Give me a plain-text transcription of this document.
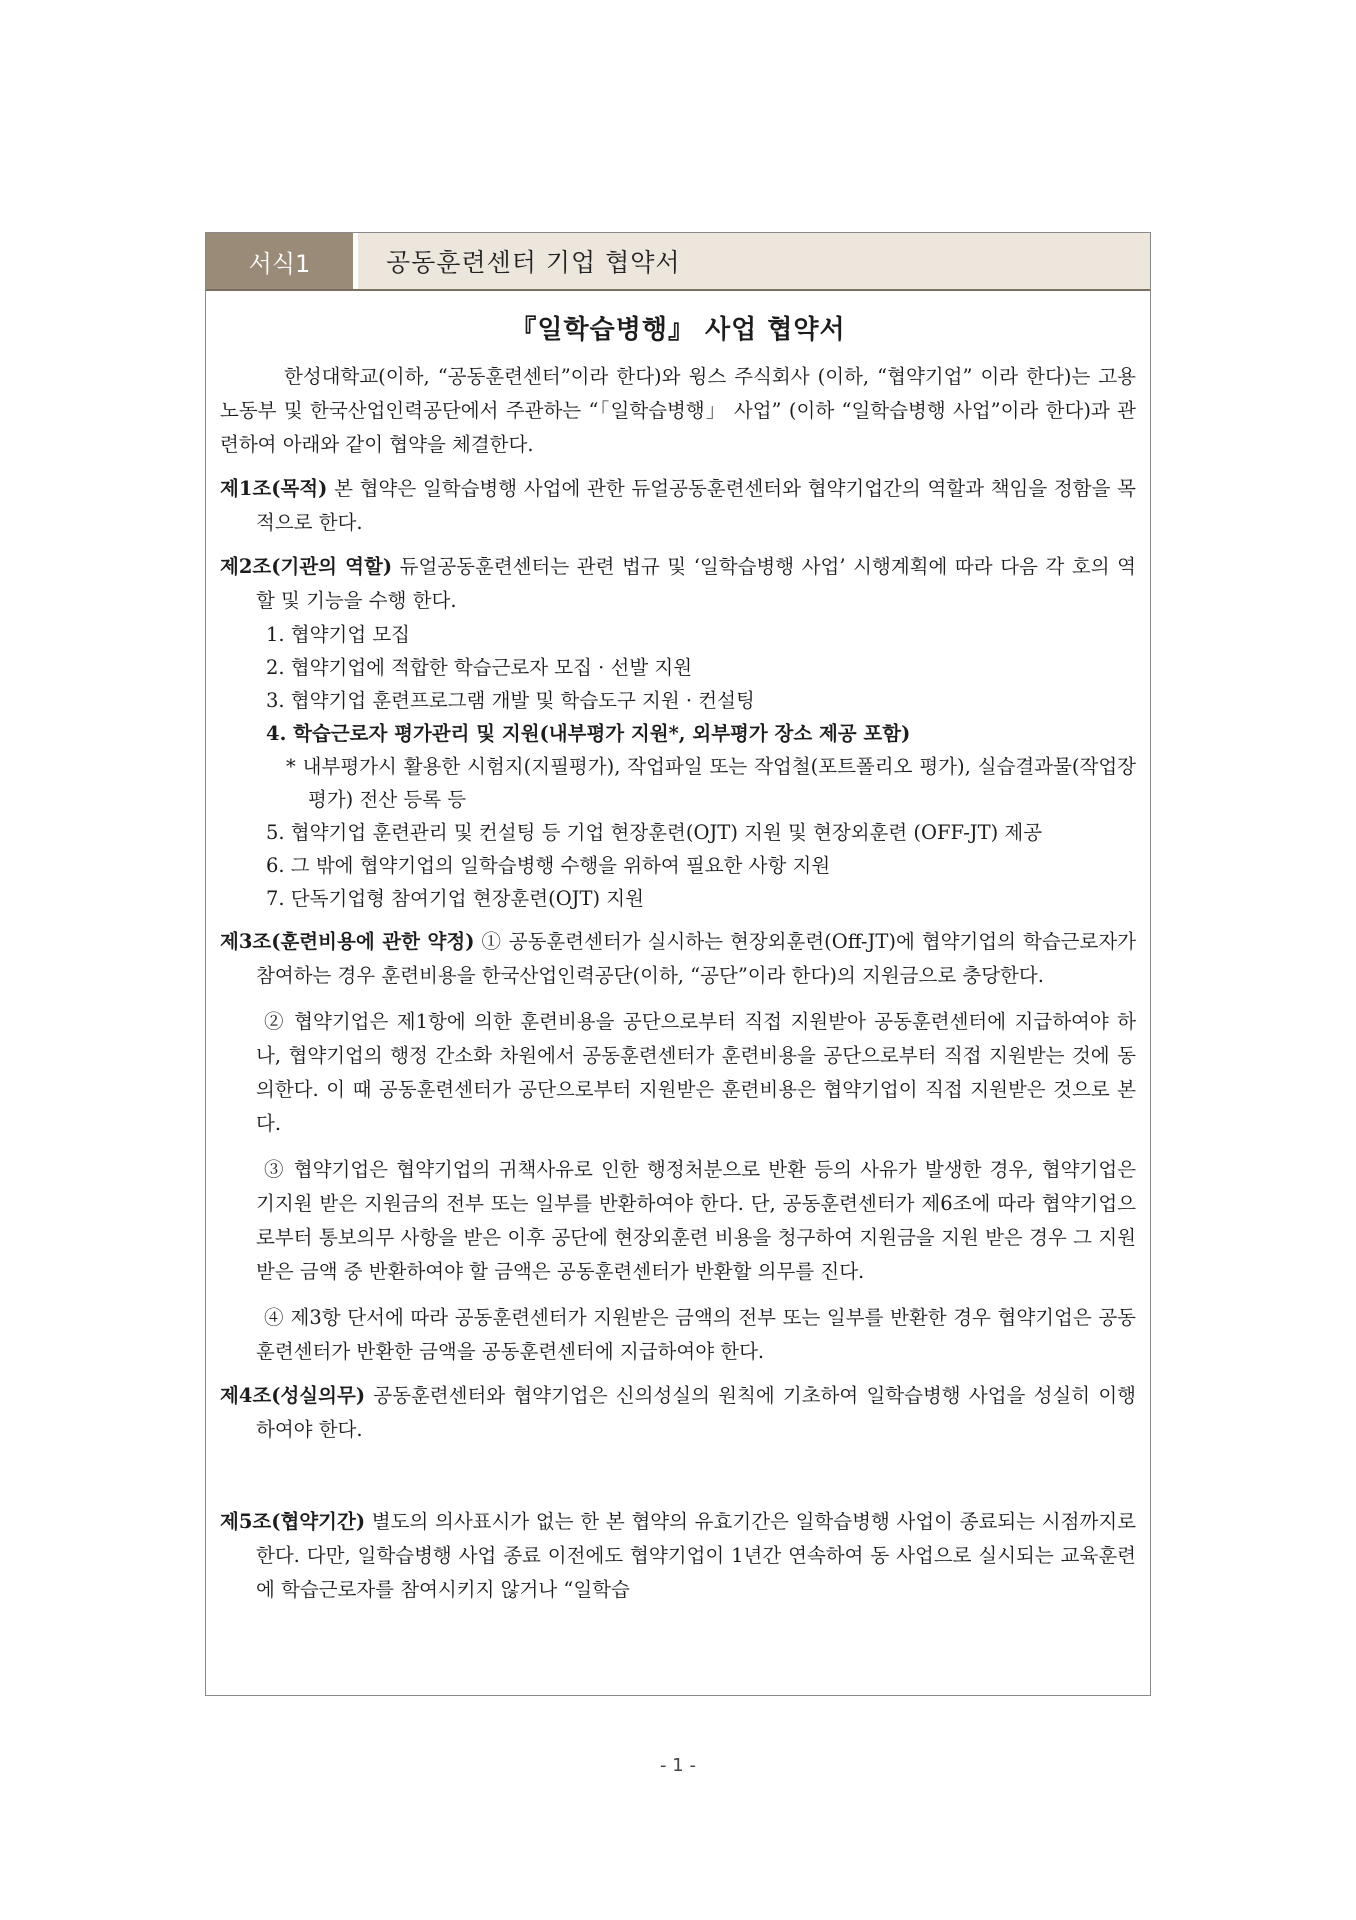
서식1	공동훈련센터 기업 협약서
『일학습병행』 사업 협약서

한성대학교(이하, “공동훈련센터”이라 한다)와 윙스 주식회사 (이하, “협약기업” 이라 한다)는 고용노동부 및 한국산업인력공단에서 주관하는 “「일학습병행」 사업” (이하 “일학습병행 사업”이라 한다)과 관련하여 아래와 같이 협약을 체결한다.

제1조(목적) 본 협약은 일학습병행 사업에 관한 듀얼공동훈련센터와 협약기업간의 역할과 책임을 정함을 목적으로 한다.

제2조(기관의 역할) 듀얼공동훈련센터는 관련 법규 및 ‘일학습병행 사업’ 시행계획에 따라 다음 각 호의 역할 및 기능을 수행 한다.

1. 협약기업 모집
2. 협약기업에 적합한 학습근로자 모집 · 선발 지원
3. 협약기업 훈련프로그램 개발 및 학습도구 지원 · 컨설팅
4. 학습근로자 평가관리 및 지원(내부평가 지원*, 외부평가 장소 제공 포함)

* 내부평가시 활용한 시험지(지필평가), 작업파일 또는 작업철(포트폴리오 평가), 실습결과물(작업장 평가) 전산 등록 등

5. 협약기업 훈련관리 및 컨설팅 등 기업 현장훈련(OJT) 지원 및 현장외훈련 (OFF-JT) 제공
6. 그 밖에 협약기업의 일학습병행 수행을 위하여 필요한 사항 지원
7. 단독기업형 참여기업 현장훈련(OJT) 지원

제3조(훈련비용에 관한 약정) ① 공동훈련센터가 실시하는 현장외훈련(Off-JT)에 협약기업의 학습근로자가 참여하는 경우 훈련비용을 한국산업인력공단(이하, “공단”이라 한다)의 지원금으로 충당한다.

② 협약기업은 제1항에 의한 훈련비용을 공단으로부터 직접 지원받아 공동훈련센터에 지급하여야 하나, 협약기업의 행정 간소화 차원에서 공동훈련센터가 훈련비용을 공단으로부터 직접 지원받는 것에 동의한다. 이 때 공동훈련센터가 공단으로부터 지원받은 훈련비용은 협약기업이 직접 지원받은 것으로 본다.

③ 협약기업은 협약기업의 귀책사유로 인한 행정처분으로 반환 등의 사유가 발생한 경우, 협약기업은 기지원 받은 지원금의 전부 또는 일부를 반환하여야 한다. 단, 공동훈련센터가 제6조에 따라 협약기업으로부터 통보의무 사항을 받은 이후 공단에 현장외훈련 비용을 청구하여 지원금을 지원 받은 경우 그 지원 받은 금액 중 반환하여야 할 금액은 공동훈련센터가 반환할 의무를 진다.

④ 제3항 단서에 따라 공동훈련센터가 지원받은 금액의 전부 또는 일부를 반환한 경우 협약기업은 공동훈련센터가 반환한 금액을 공동훈련센터에 지급하여야 한다.

제4조(성실의무) 공동훈련센터와 협약기업은 신의성실의 원칙에 기초하여 일학습병행 사업을 성실히 이행하여야 한다.

제5조(협약기간) 별도의 의사표시가 없는 한 본 협약의 유효기간은 일학습병행 사업이 종료되는 시점까지로 한다. 다만, 일학습병행 사업 종료 이전에도 협약기업이 1년간 연속하여 동 사업으로 실시되는 교육훈련에 학습근로자를 참여시키지 않거나 “일학습

- 1 -
